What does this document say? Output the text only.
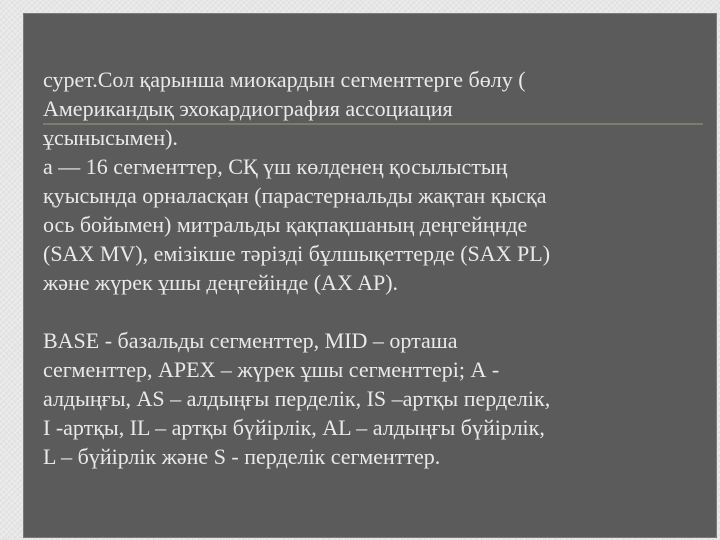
сурет.Сол қарынша миокардын сегменттерге бөлу (
Американдық эхокардиография ассоциация
ұсынысымен).
а — 16 сегменттер, СҚ үш көлденең қосылыстың
қуысында орналасқан (парастернальды жақтан қысқа
ось бойымен) митральды қақпақшаның деңгейңнде
(SAX MV), емізікше тәрізді бұлшықеттерде (SAX PL)
және жүрек ұшы деңгейінде (AX AP).
BASE - базальды сегменттер, MID – орташа
сегменттер, APEX – жүрек ұшы сегменттері; А -
алдыңғы, AS – алдыңғы перделік, IS –артқы перделік,
I -артқы, IL – артқы бүйірлік, AL – алдыңғы бүйірлік,
L – бүйірлік және S - перделік сегменттер.
